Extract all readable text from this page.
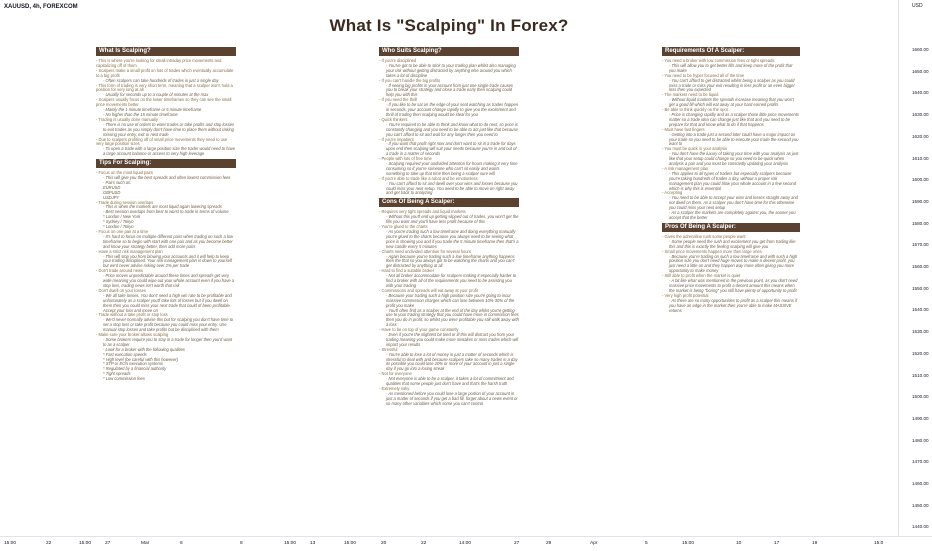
XAUUSD, 4h, FOREXCOM
What Is "Scalping" In Forex?
What Is Scalping?
- This is where you're looking for small intraday price movements and capitalizing off of them
- Scalpers make a small profit on lots of trades which eventually accumulate to a big profit
- Often scalpers can take hundreds of trades in just a single day
- This form of trading is very short term, meaning that a scalper won't hold a position for very long at all
- Usually for seconds up to a couple of minutes at the max
- Scalpers usually focus on the lower timeframes so they can see the small price movements better
- Mainly the 1 minute timeframe or 5 minute timeframe
- No higher than the 15 minute timeframe
- Trading is usually done manually
- There is no use of orders to enter trades or take profits and stop losses to exit trades as you simply don't have time to place them without risking missing your entry, exit or next trade
- Due to scalpers profiting off of small price movements they need to use very large position sizes
- To open a trade with a large position size the trader would need to have a large account balance or access to very high leverage
Tips For Scalping:
- Focus on the most liquid pairs
- This will give you the best spreads and often lowest commission fees
- Pairs such as:
EURUSD
GBPUSD
USDJPY
- Trade during session overlaps
- This is when the markets are most liquid again lowering spreads
- Best session overlaps from best to worst to trade in terms of volume
* London / New York
* Sydney / Tokyo
* London / Tokyo
- Focus on one pair at a time
- It's hard to focus on multiple different pairs when trading on such a low timeframe so to begin with start with one pair and as you become better and know your strategy better, then add more pairs
- Have a strict risk management plan
- This will stop you from blowing your accounts and it will help to keep your trading disciplined. Your risk management plan is down to yourself but we'd never advise risking over 2% per trade
- Don't trade around news
- Price moves unpredictable around these times and spreads get very wide meaning you could wipe out your whole account even if you have a stop loss, trading news isn't worth that risk
- Don't dwell on your losses
- We all take losses. You don't need a high win rate to be profitable and unfortunately as a scalper you'll take lots of losses but if you dwell on them then you could miss your next trade that could of been profitable. Accept your loss and move on
- Trade without a take profit or stop loss
- We'd never normally advise this but for scalping you don't have time to set a stop loss or take profit because you could miss your entry. Use manual stop losses and take profits but be disciplined with them
- Make sure your broker allows scalping
- Some brokers require you to stay in a trade for longer then you'd want to as a scalper
- Look for a broker with the following qualities
* Fast execution speeds
* High level (be careful with this however)
* STP or ECN execution systems
* Regulated by a financial authority
* Tight spreads
* Low commission fees
Who Suits Scalping?
- If you're disciplined
- You've got to be able to stick to your trading plan whilst also managing your risk without getting distracted by anything else around you which takes a lot of discipline
- If you can't handle the big profits
- If seeing big profits in your account from just one single trade causes you to break your strategy and close a trade early then scalping could help you with this
- If you need the thrill
- If you like to be sat on the edge of your seat watching as trades happen in seconds, your account change rapidly to give you the excitement and thrill of trading then scalping would be ideal for you
- Quick thinkers
- You're required to be able to think and know what to do next, so price is constantly changing and you need to be able to act just like that because you can't afford to sit and wait for any longer then you need to
- If you're impatient
- If you want that profit right now and don't want to sit in a trade for days upon end then scalping will suit your needs because you're in and out of a trade in a matter of seconds
- People with lots of free time
- Scalping required your undivided attention for hours making it very time consuming so if you're someone who can't sit easily and wants something to take up that time then being a scalper sure will
- If you're able to trade like a robot and be emotionless
- You can't afford to sit and dwell over your wins and losses because you could miss your next setup. You need to be able to move on right away and get back to analyzing
Cons Of Being A Scalper:
- Requires very tight spreads and liquid markets
- Without this you'll end up getting slipped out of trades, you won't get the fills you want and you'll have less profit because of this
- You're glued to the charts
- As you're trading such a low timeframe and doing everything manually you're glued to the charts because you always need to be seeing what price is showing you and if you trade the 5 minute timeframe then that's a new candle every 5 minutes
- Charts need undivided attention for several hours
- Again because you're trading such a low timeframe anything happens then the that so you always got to be watching the charts and you can't get distracted by anything at all
- Hard to find a suitable broker
- Not all broker accommodate for scalpers making it especially harder to find a broker with all of the requirements you need to be assisting you with your trading
- Commissions and spreads will eat away at your profit
- Because your trading such a high position size you're going to incur massive commission charges which can lose between 10%-30% of the profit you make
- You'll often find as a scalper at the end of the day whilst you're getting use to your trading strategy that you could have more in commission fees then you do in profit, so whilst you were profitable you still walk away with a loss
- Have to be on top of your game constantly
- Even if you're the slightest bit tired or ill this will distract you from your trading meaning you could make more mistakes or miss trades which will impact your results
- Stressful
- You're able to lose a lot of money in just a matter of seconds which is stressful to deal with and because scalpers take so many trades in a day its possible you could lose 20% or more of your account in just a single day if you go into a losing streak
- Not for everyone
- Not everyone is able to be a scalper, it takes a lot of commitment and qualities that some people just don't have and that's the harsh truth
- Extremely risky
- As mentioned before you could lose a large portion of your account in just a matter of seconds if you get a bad fill, forget about a news event or so many other variables which some you can't control
Requirements Of A Scalper:
- You need a broker with low commission fees or tight spreads
- This will allow you to get better fills and keep more of the profit that you make
- You need to be hyper focused all of the time
- You can't afford to get distracted whilst being a scalper as you could miss a trade or miss your exit resulting in less profit or an even bigger loss then you expected
- The markets need to be liquid
- Without liquid markets the spreads increase meaning that you won't get a good fill which will eat away at your hard earned profits
- Be able to think quickly on the spot
- Price is changing rapidly and as a scalper those little price movements matter so a trade idea can change just like that and you need to be prepare for that and know what to do if that happens
- Must have fast fingers
- Getting into a trade just a second later could have a major impact on your trade so you need to be able to execute your trade the second you want to
- You must be quick in your analysis
- You don't have the luxury of taking your time with your analysis as just like that your setup could change so you need to be quick when analysis a pair and you must be constantly updating your analysis
- A risk management plan
- This applies to all types of traders but especially scalpers because you're taking hundreds of trades a day, without a proper risk management plan you could blow your whole account in a few second which is why this is essential
- Accepting
- You need to be able to accept your wins and losses straight away and not dwell on them. As a scalper you don't have time for this otherwise you could miss your next setup
- As a scalper the markets are completely against you, the sooner you accept that the better
Pros Of Being A Scalper:
- Gives the adrenaline rush some people want
- Some people need the rush and excitement you get from trading like this and this is exactly the feeling scalping will give you
- Small price movements happen more then large ones
- Because you're trading on such a low timeframe and with such a high position size you don't need huge moves to make a decent profit, you just need a little on and they happen way more often giving you more opportunity to make money
- Still able to profit when the market is quiet
- A bit like what was mentioned in the previous point, as you don't need massive price movements to profit a decent amount this means when the market is being "boring" you still have plenty of opportunity to profit
- Very high profit potential
- As there are so many opportunities to profit as a scalper this means if you have an edge in the market then you're able to make MASSIVE returns
USD
1660.00
1650.00
1640.00
1630.00
1620.00
1610.00
1600.00
1590.00
1580.00
1570.00
1560.00
1550.00
1540.00
1530.00
1520.00
1510.00
1500.00
1490.00
1480.00
1470.00
1460.00
1450.00
1440.00
15:00	22	15:00	27	Mar	6	8	15:00	13	15:00	20	22	14:00	27	29	Apr	5	15:00	10	17	19	15:0
